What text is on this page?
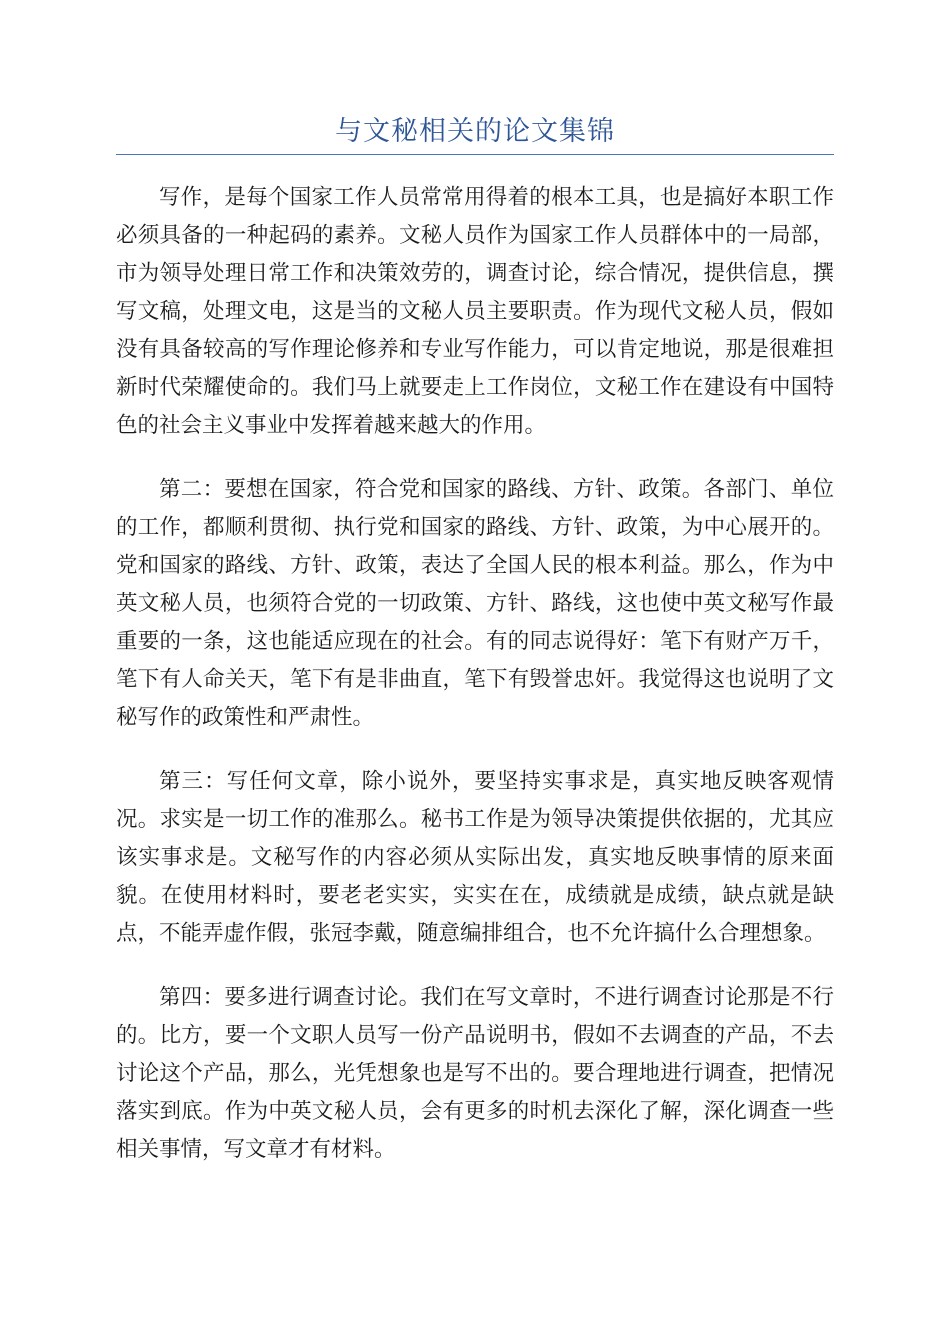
与文秘相关的论文集锦

写作，是每个国家工作人员常常用得着的根本工具，也是搞好本职工作必须具备的一种起码的素养。文秘人员作为国家工作人员群体中的一局部，市为领导处理日常工作和决策效劳的，调查讨论，综合情况，提供信息，撰写文稿，处理文电，这是当的文秘人员主要职责。作为现代文秘人员，假如没有具备较高的写作理论修养和专业写作能力，可以肯定地说，那是很难担新时代荣耀使命的。我们马上就要走上工作岗位，文秘工作在建设有中国特色的社会主义事业中发挥着越来越大的作用。

第二：要想在国家，符合党和国家的路线、方针、政策。各部门、单位的工作，都顺利贯彻、执行党和国家的路线、方针、政策，为中心展开的。党和国家的路线、方针、政策，表达了全国人民的根本利益。那么，作为中英文秘人员，也须符合党的一切政策、方针、路线，这也使中英文秘写作最重要的一条，这也能适应现在的社会。有的同志说得好：笔下有财产万千，笔下有人命关天，笔下有是非曲直，笔下有毁誉忠奸。我觉得这也说明了文秘写作的政策性和严肃性。

第三：写任何文章，除小说外，要坚持实事求是，真实地反映客观情况。求实是一切工作的准那么。秘书工作是为领导决策提供依据的，尤其应该实事求是。文秘写作的内容必须从实际出发，真实地反映事情的原来面貌。在使用材料时，要老老实实，实实在在，成绩就是成绩，缺点就是缺点，不能弄虚作假，张冠李戴，随意编排组合，也不允许搞什么合理想象。

第四：要多进行调查讨论。我们在写文章时，不进行调查讨论那是不行的。比方，要一个文职人员写一份产品说明书，假如不去调查的产品，不去讨论这个产品，那么，光凭想象也是写不出的。要合理地进行调查，把情况落实到底。作为中英文秘人员，会有更多的时机去深化了解，深化调查一些相关事情，写文章才有材料。
